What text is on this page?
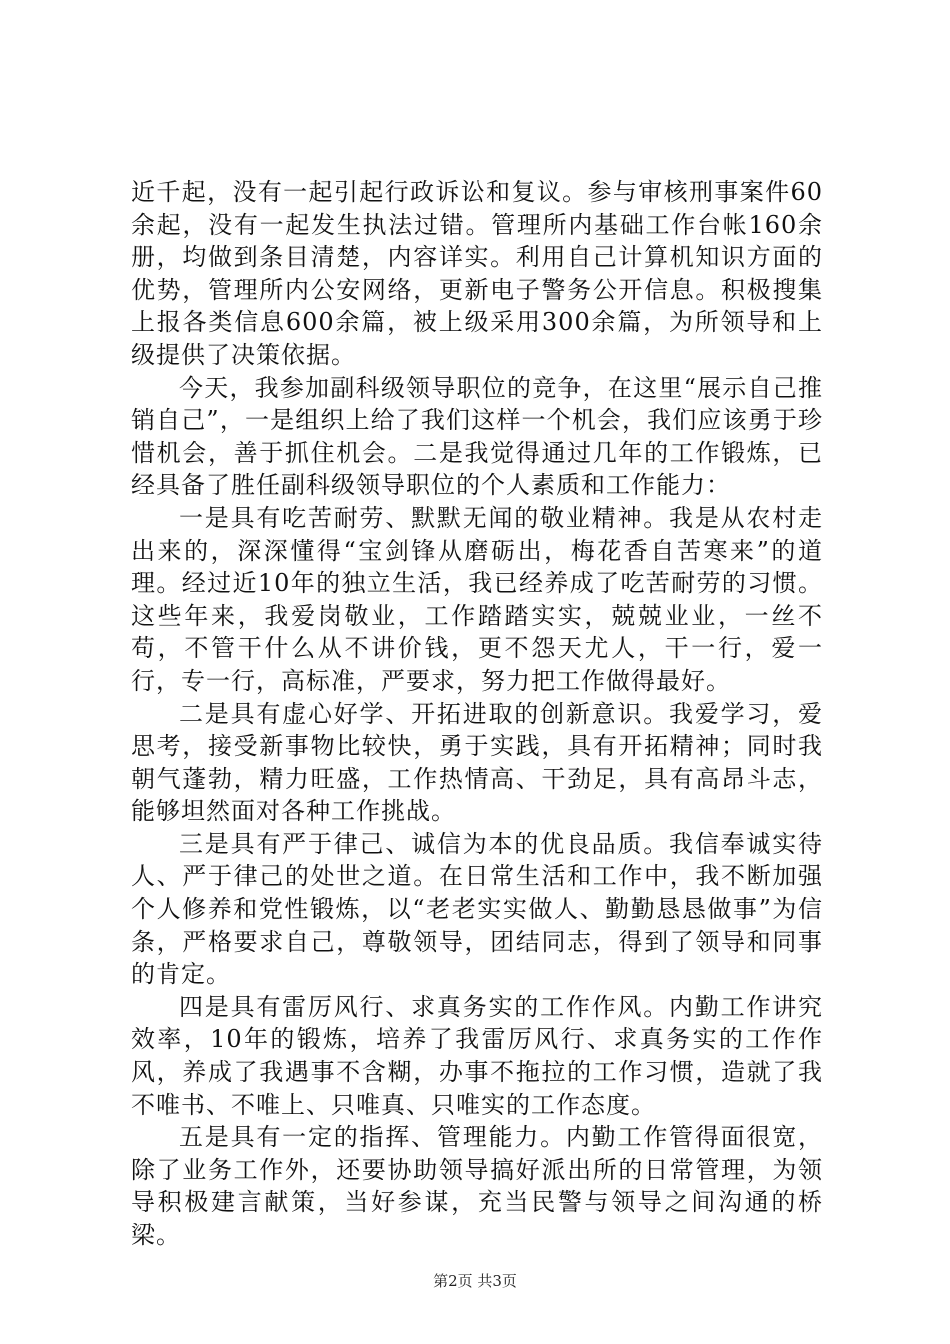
近千起，没有一起引起行政诉讼和复议。参与审核刑事案件60余起，没有一起发生执法过错。管理所内基础工作台帐160余册，均做到条目清楚，内容详实。利用自己计算机知识方面的优势，管理所内公安网络，更新电子警务公开信息。积极搜集上报各类信息600余篇，被上级采用300余篇，为所领导和上级提供了决策依据。

今天，我参加副科级领导职位的竞争，在这里“展示自己推销自己”，一是组织上给了我们这样一个机会，我们应该勇于珍惜机会，善于抓住机会。二是我觉得通过几年的工作锻炼，已经具备了胜任副科级领导职位的个人素质和工作能力：

一是具有吃苦耐劳、默默无闻的敬业精神。我是从农村走出来的，深深懂得“宝剑锋从磨砺出，梅花香自苦寒来”的道理。经过近10年的独立生活，我已经养成了吃苦耐劳的习惯。这些年来，我爱岗敬业，工作踏踏实实，兢兢业业，一丝不苟，不管干什么从不讲价钱，更不怨天尤人，干一行，爱一行，专一行，高标准，严要求，努力把工作做得最好。

二是具有虚心好学、开拓进取的创新意识。我爱学习，爱思考，接受新事物比较快，勇于实践，具有开拓精神；同时我朝气蓬勃，精力旺盛，工作热情高、干劲足，具有高昂斗志，能够坦然面对各种工作挑战。

三是具有严于律己、诚信为本的优良品质。我信奉诚实待人、严于律己的处世之道。在日常生活和工作中，我不断加强个人修养和党性锻炼，以“老老实实做人、勤勤恳恳做事”为信条，严格要求自己，尊敬领导，团结同志，得到了领导和同事的肯定。

四是具有雷厉风行、求真务实的工作作风。内勤工作讲究效率，10年的锻炼，培养了我雷厉风行、求真务实的工作作风，养成了我遇事不含糊，办事不拖拉的工作习惯，造就了我不唯书、不唯上、只唯真、只唯实的工作态度。

五是具有一定的指挥、管理能力。内勤工作管得面很宽，除了业务工作外，还要协助领导搞好派出所的日常管理，为领导积极建言献策，当好参谋，充当民警与领导之间沟通的桥梁。

第2页 共3页
